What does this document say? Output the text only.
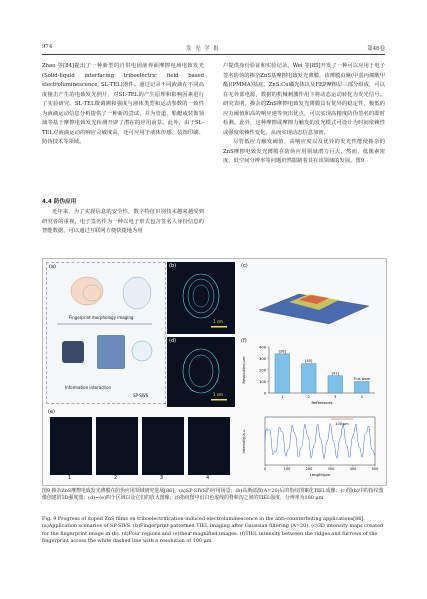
974	发 光 学 报	第46卷

Zhao 等[84]提出了一种新型的自供电固液界面摩擦电场电致发光(Solid-liquid interfacing triboelectric field based electroluminescence, SL-TEL)器件。通过记录不同液滴在不同高度撞击产生的电致发光照片，对SL-TEL的产生原理和影响因素进行了实验研究。SL-TEL微调测和强度与液体类型和运动参数的一致性为液滴运动信息分析提供了一种新的尝试，并为管道、船艇或装饰领域等基于摩擦电致发光检测开辟了潜在的应用前景。此外，由于SL-TEL对液滴运动的响应灵敏度高，还可应用于液体传感、装饰印刷、防伪技术等领域。

4.4 防伪应用

近年来，为了实现信息的安全性，数字特征识别技术越来越受到研究者的重视。电子签名作为一种以电子形式包含签名人身份信息的智能数据，可以通过互联网方便快捷地为用

户提供身份验证和实验记录。Wei 等[85]开发了一种可以应用于电子签名防伪的掺杂ZnS基摩擦电致发光薄膜。该薄膜由聚(甲基丙烯酸甲酯)(PMMA)基底、ZnS:Cu磷光体以及FEP摩擦层三部分组成，可以在无外部电源，数据的机械刺激作用下将动态运动转化为发光信号。研究表明，掺杂的ZnS摩擦电致发光薄膜具有优异的稳定性，极低的应力阈值和高的响应速等突出优点，可以实现高精度防伪签名的即时检测。此外，这种摩擦或摩擦力触发的发光模式可设计为时间依赖性或强度依赖性变化，从而实现动态信息加密。

尽管低应力触发阈值、高响应度以及优异的发光性能使掺杂的ZnS摩擦电致发光薄膜在防伪应用领域潜力巨大，然而，低像素密度、低空间分辨率等问题仍然限制着其在该领域的发展。图9

(a)
Fingerprint morphology imaging
Information interaction
SP-SIVS
(b)
1 cm
(c)
(d)
1 cm
(e)
1	2	3	4
(f)
0
100
200
300
400
[28]
1
[40]
2
[41]
3
This work
4
Resolution/μm
References
100 μm
0	100	200	300	400	500
Intensity/a.u.
Length/μm
图9 掺杂ZnS摩擦电致发光薄膜在防伪应用领域研究进展[86]。(a)SP-SIVS的应用场景；(b)高斯滤波(A=20)后的指纹图案化TIEL成像；(c)图(b)中的指纹图像创建的3D强度图；(d)~(e)四个区域以及它们的放大图像；(f)指纹图中沿白色虚线的脊和沟之间的TIEL强度，分辨率为100 μm
Fig. 9 Progress of doped ZnS films on triboelectrification-induced electroluminescence in the anti-counterfeiting applications[86]. (a)Application scenarios of SP-SIVS. (b)Fingerprint-patterned TIEL imaging after Gaussian filtering (A=20). (c)3D intensity maps created for the fingerprint image in (b). (d)Four regions and (e)their magnified images. (f)TIEL intensity between the ridges and furrows of the fingerprint across the white dashed line with a resolution of 100 μm
